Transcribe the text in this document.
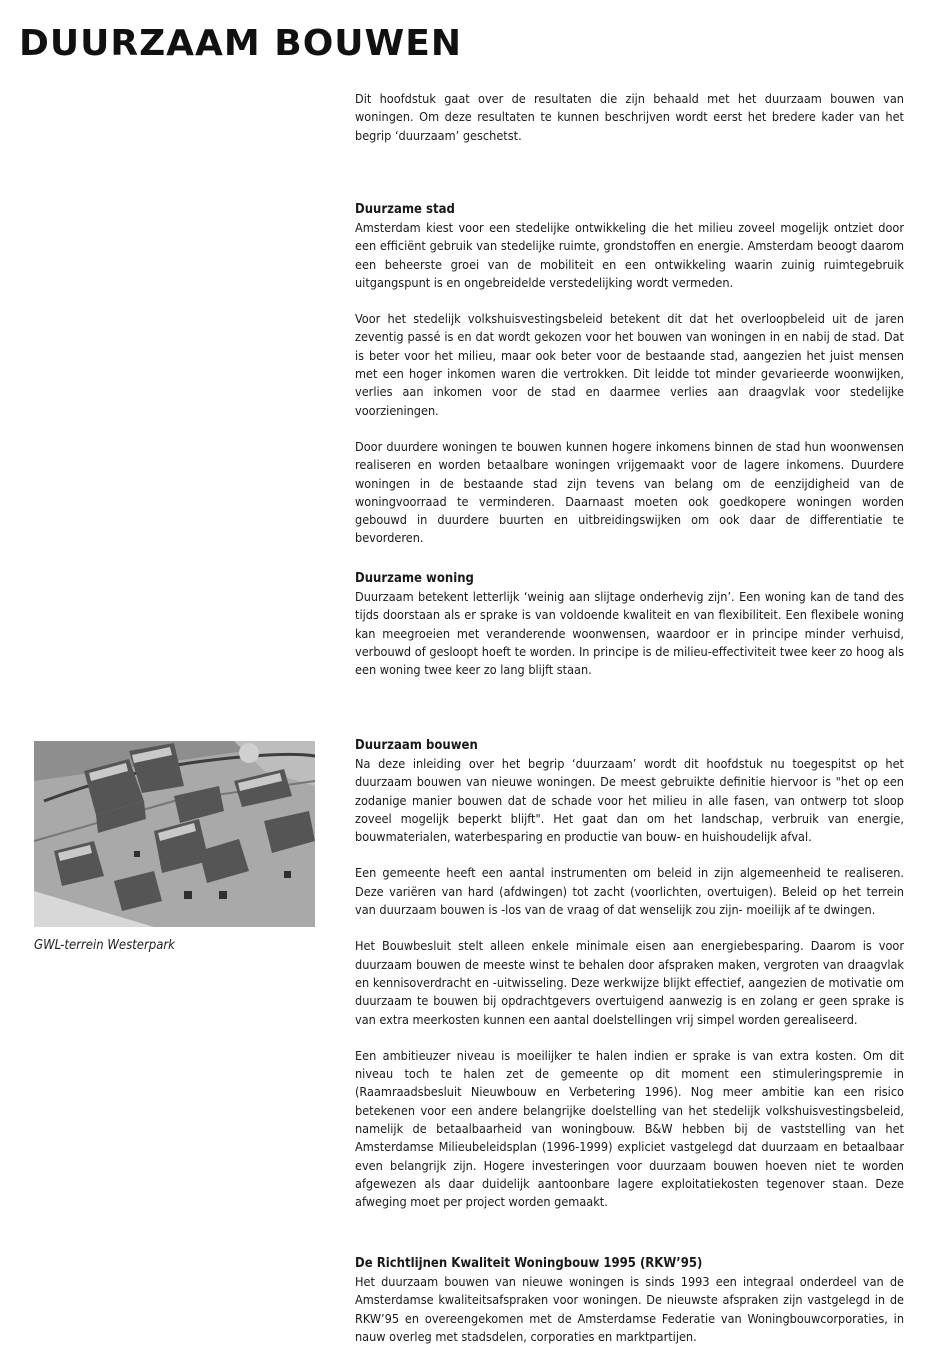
DUURZAAM BOUWEN

Dit hoofdstuk gaat over de resultaten die zijn behaald met het duurzaam bouwen van woningen. Om deze resultaten te kunnen beschrijven wordt eerst het bredere kader van het begrip ‘duurzaam’ geschetst.

Duurzame stad

Amsterdam kiest voor een stedelijke ontwikkeling die het milieu zoveel mogelijk ontziet door een efficiënt gebruik van stedelijke ruimte, grondstoffen en energie. Amsterdam beoogt daarom een beheerste groei van de mobiliteit en een ontwikkeling waarin zuinig ruimtegebruik uitgangspunt is en ongebreidelde verstedelijking wordt vermeden.

Voor het stedelijk volkshuisvestingsbeleid betekent dit dat het overloopbeleid uit de jaren zeventig passé is en dat wordt gekozen voor het bouwen van woningen in en nabij de stad. Dat is beter voor het milieu, maar ook beter voor de bestaande stad, aangezien het juist mensen met een hoger inkomen waren die vertrokken. Dit leidde tot minder gevarieerde woonwijken, verlies aan inkomen voor de stad en daarmee verlies aan draagvlak voor stedelijke voorzieningen.

Door duurdere woningen te bouwen kunnen hogere inkomens binnen de stad hun woonwensen realiseren en worden betaalbare woningen vrijgemaakt voor de lagere inkomens. Duurdere woningen in de bestaande stad zijn tevens van belang om de eenzijdigheid van de woningvoorraad te verminderen. Daarnaast moeten ook goedkopere woningen worden gebouwd in duurdere buurten en uitbreidingswijken om ook daar de differentiatie te bevorderen.

Duurzame woning

Duurzaam betekent letterlijk ‘weinig aan slijtage onderhevig zijn’. Een woning kan de tand des tijds doorstaan als er sprake is van voldoende kwaliteit en van flexibiliteit. Een flexibele woning kan meegroeien met veranderende woonwensen, waardoor er in principe minder verhuisd, verbouwd of gesloopt hoeft te worden. In principe is de milieu-effectiviteit twee keer zo hoog als een woning twee keer zo lang blijft staan.

Duurzaam bouwen

Na deze inleiding over het begrip ‘duurzaam’ wordt dit hoofdstuk nu toegespitst op het duurzaam bouwen van nieuwe woningen. De meest gebruikte definitie hiervoor is "het op een zodanige manier bouwen dat de schade voor het milieu in alle fasen, van ontwerp tot sloop zoveel mogelijk beperkt blijft". Het gaat dan om het landschap, verbruik van energie, bouwmaterialen, waterbesparing en productie van bouw- en huishoudelijk afval.

Een gemeente heeft een aantal instrumenten om beleid in zijn algemeenheid te realiseren. Deze variëren van hard (afdwingen) tot zacht (voorlichten, overtuigen). Beleid op het terrein van duurzaam bouwen is -los van de vraag of dat wenselijk zou zijn- moeilijk af te dwingen.

Het Bouwbesluit stelt alleen enkele minimale eisen aan energiebesparing. Daarom is voor duurzaam bouwen de meeste winst te behalen door afspraken maken, vergroten van draagvlak en kennisoverdracht en -uitwisseling. Deze werkwijze blijkt effectief, aangezien de motivatie om duurzaam te bouwen bij opdrachtgevers overtuigend aanwezig is en zolang er geen sprake is van extra meerkosten kunnen een aantal doelstellingen vrij simpel worden gerealiseerd.

Een ambitieuzer niveau is moeilijker te halen indien er sprake is van extra kosten. Om dit niveau toch te halen zet de gemeente op dit moment een stimuleringspremie in (Raamraadsbesluit Nieuwbouw en Verbetering 1996). Nog meer ambitie kan een risico betekenen voor een andere belangrijke doelstelling van het stedelijk volkshuisvestingsbeleid, namelijk de betaalbaarheid van woningbouw. B&W hebben bij de vaststelling van het Amsterdamse Milieubeleidsplan (1996-1999) expliciet vastgelegd dat duurzaam en betaalbaar even belangrijk zijn. Hogere investeringen voor duurzaam bouwen hoeven niet te worden afgewezen als daar duidelijk aantoonbare lagere exploitatiekosten tegenover staan. Deze afweging moet per project worden gemaakt.

De Richtlijnen Kwaliteit Woningbouw 1995 (RKW’95)

Het duurzaam bouwen van nieuwe woningen is sinds 1993 een integraal onderdeel van de Amsterdamse kwaliteitsafspraken voor woningen. De nieuwste afspraken zijn vastgelegd in de RKW’95 en overeengekomen met de Amsterdamse Federatie van Woningbouwcorporaties, in nauw overleg met stadsdelen, corporaties en marktpartijen.

GWL-terrein Westerpark
